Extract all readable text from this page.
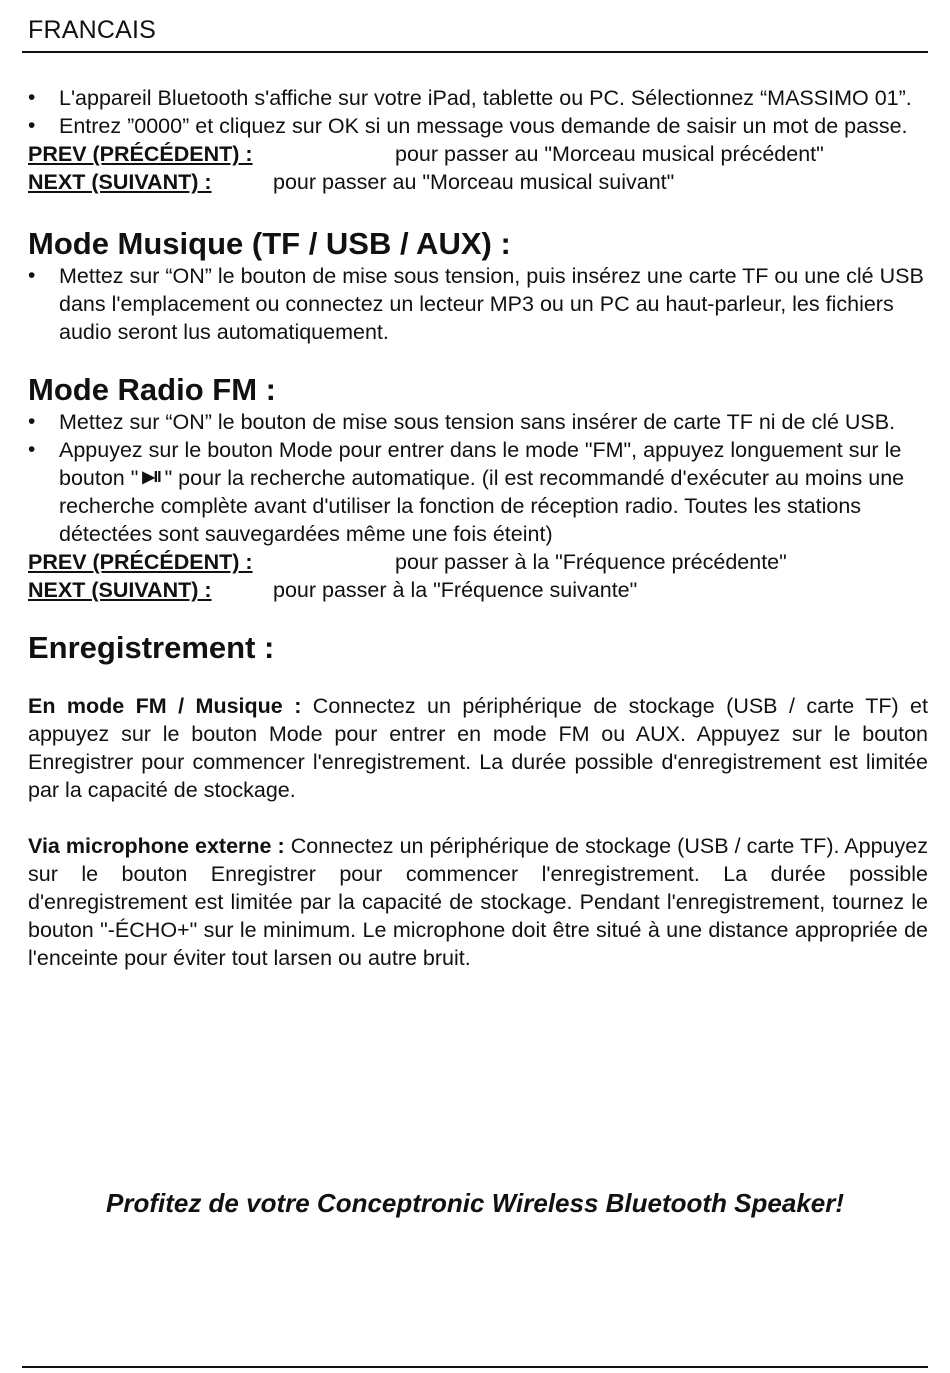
FRANCAIS
• L'appareil Bluetooth s'affiche sur votre iPad, tablette ou PC. Sélectionnez “MASSIMO 01”.
• Entrez ”0000” et cliquez sur OK si un message vous demande de saisir un mot de passe.
PREV (PRÉCÉDENT) :	pour passer au "Morceau musical précédent"
NEXT (SUIVANT) :	pour passer au "Morceau musical suivant"
Mode Musique (TF / USB / AUX) :
• Mettez sur “ON” le bouton de mise sous tension, puis insérez une carte TF ou une clé USB dans l'emplacement ou connectez un lecteur MP3 ou un PC au haut-parleur, les fichiers audio seront lus automatiquement.
Mode Radio FM :
• Mettez sur “ON” le bouton de mise sous tension sans insérer de carte TF ni de clé USB.
• Appuyez sur le bouton Mode pour entrer dans le mode "FM", appuyez longuement sur le bouton " ▶II " pour la recherche automatique. (il est recommandé d'exécuter au moins une recherche complète avant d'utiliser la fonction de réception radio. Toutes les stations détectées sont sauvegardées même une fois éteint)
PREV (PRÉCÉDENT) :	pour passer à la "Fréquence précédente"
NEXT (SUIVANT) :	pour passer à la "Fréquence suivante"
Enregistrement :

En mode FM / Musique : Connectez un périphérique de stockage (USB / carte TF) et appuyez sur le bouton Mode pour entrer en mode FM ou AUX. Appuyez sur le bouton Enregistrer pour commencer l'enregistrement. La durée possible d'enregistrement est limitée par la capacité de stockage.

Via microphone externe : Connectez un périphérique de stockage (USB / carte TF). Appuyez sur le bouton Enregistrer pour commencer l'enregistrement. La durée possible d'enregistrement est limitée par la capacité de stockage. Pendant l'enregistrement, tournez le bouton "-ÉCHO+" sur le minimum. Le microphone doit être situé à une distance appropriée de l'enceinte pour éviter tout larsen ou autre bruit.

Profitez de votre Conceptronic Wireless Bluetooth Speaker!
